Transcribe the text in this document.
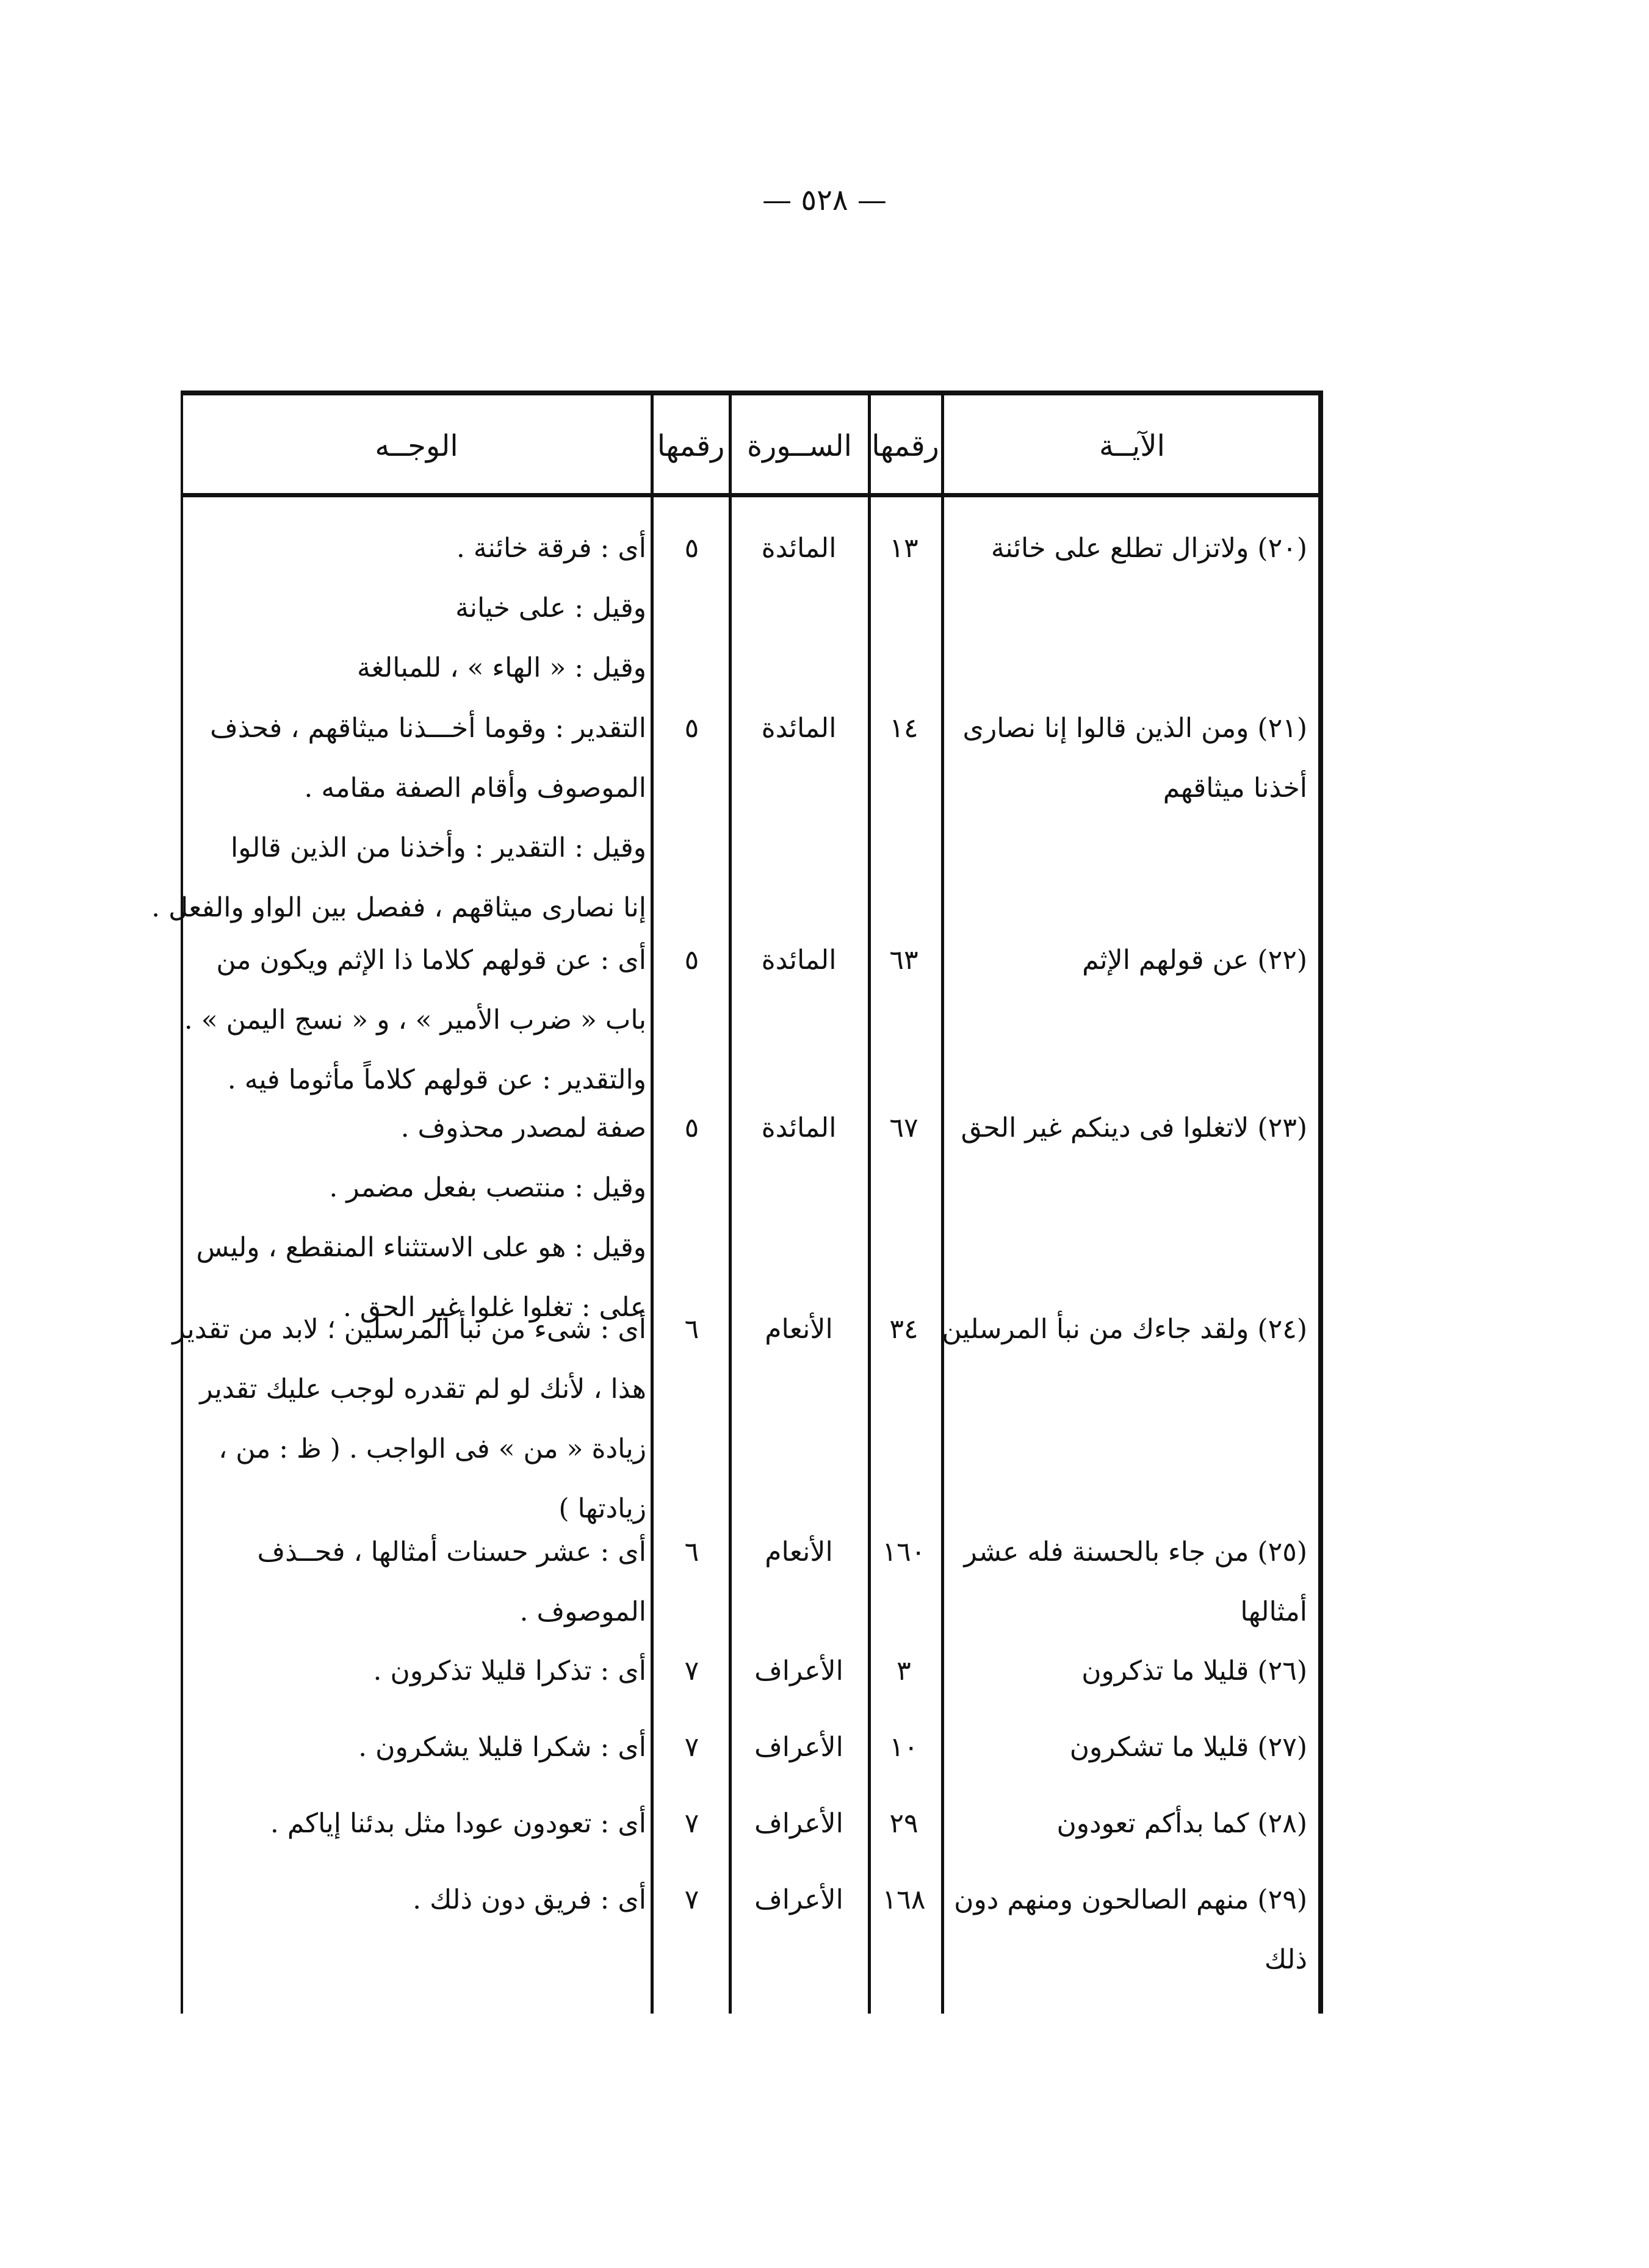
— ٥٢٨ —
الآيــة
رقمها
الســورة
رقمها
الوجــه
(٢٠) ولاتزال تطلع على خائنة
١٣
المائدة
٥
أى : فرقة خائنة .
وقيل : على خيانة
وقيل : « الهاء » ، للمبالغة
(٢١) ومن الذين قالوا إنا نصارى
أخذنا ميثاقهم
١٤
المائدة
٥
التقدير : وقوما أخـــذنا ميثاقهم ، فحذف
الموصوف وأقام الصفة مقامه .
وقيل : التقدير : وأخذنا من الذين قالوا
إنا نصارى ميثاقهم ، ففصل بين الواو والفعل .
(٢٢) عن قولهم الإثم
٦٣
المائدة
٥
أى : عن قولهم كلاما ذا الإثم ويكون من
باب « ضرب الأمير » ، و « نسج اليمن » .
والتقدير : عن قولهم كلاماً مأثوما فيه .
(٢٣) لاتغلوا فى دينكم غير الحق
٦٧
المائدة
٥
صفة لمصدر محذوف .
وقيل : منتصب بفعل مضمر .
وقيل : هو على الاستثناء المنقطع ، وليس
على : تغلوا غلوا غير الحق .
(٢٤) ولقد جاءك من نبأ المرسلين
٣٤
الأنعام
٦
أى : شىء من نبأ المرسلين ؛ لابد من تقدير
هذا ، لأنك لو لم تقدره لوجب عليك تقدير
زيادة « من » فى الواجب . ( ظ : من ،
زيادتها )
(٢٥) من جاء بالحسنة فله عشر
أمثالها
١٦٠
الأنعام
٦
أى : عشر حسنات أمثالها ، فحــذف
الموصوف .
(٢٦) قليلا ما تذكرون
٣
الأعراف
٧
أى : تذكرا قليلا تذكرون .
(٢٧) قليلا ما تشكرون
١٠
الأعراف
٧
أى : شكرا قليلا يشكرون .
(٢٨) كما بدأكم تعودون
٢٩
الأعراف
٧
أى : تعودون عودا مثل بدئنا إياكم .
(٢٩) منهم الصالحون ومنهم دون
ذلك
١٦٨
الأعراف
٧
أى : فريق دون ذلك .
